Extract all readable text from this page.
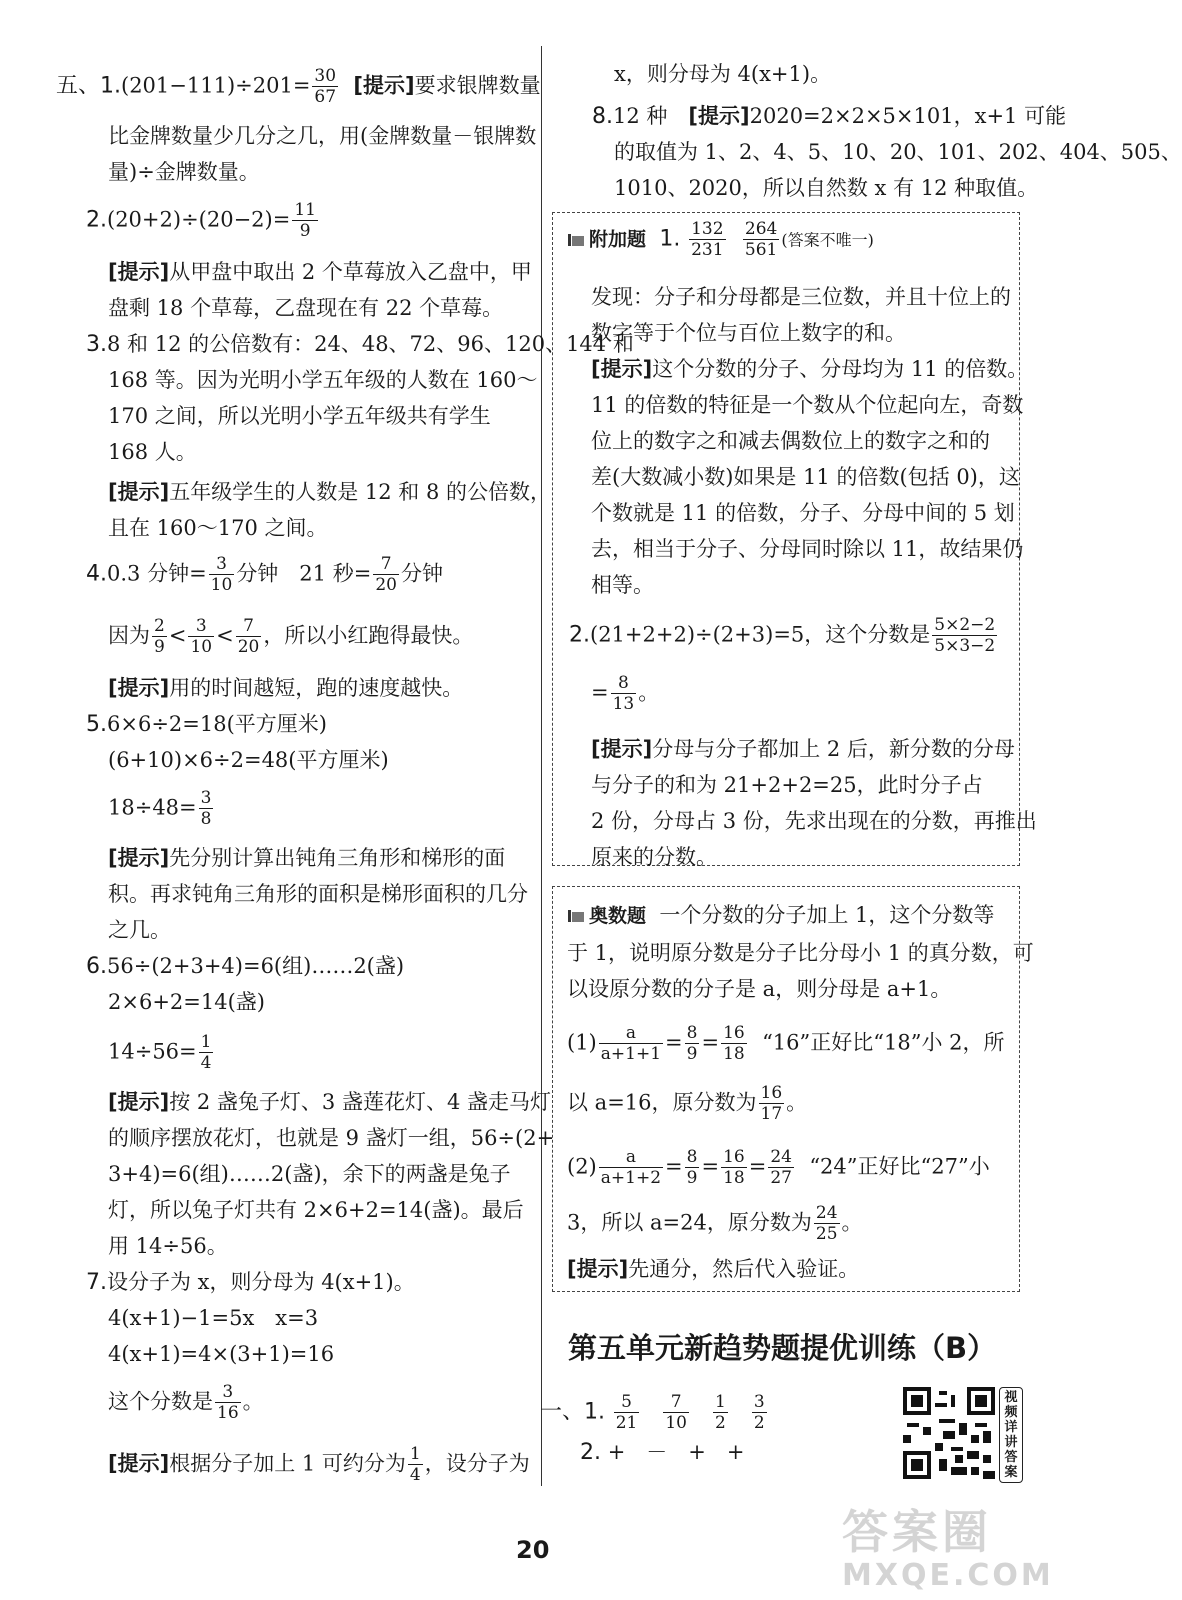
五、$1.(201-111)\div 201= \frac{30}{67}$ [提示]要求银牌数量
比金牌数量少几分之几，用(金牌数量－银牌数
量)÷金牌数量。
$2.(20+2)\div(20-2)= \frac{11}{9}$
[提示]从甲盘中取出 2 个草莓放入乙盘中，甲
盘剩 18 个草莓，乙盘现在有 22 个草莓。
3.8 和 12 的公倍数有：24、48、72、96、120、144 和
168 等。因为光明小学五年级的人数在 160～
170 之间，所以光明小学五年级共有学生
168 人。
[提示]五年级学生的人数是 12 和 8 的公倍数，
且在 160～170 之间。
4.0.3 分钟= $\frac{3}{10}$ 分钟　21 秒= $\frac{7}{20}$ 分钟
因为 $\frac{2}{9} < \frac{3}{10} < \frac{7}{20}$ ，所以小红跑得最快。
[提示]用的时间越短，跑的速度越快。
5.6×6÷2=18(平方厘米)
(6+10)×6÷2=48(平方厘米)
$18\div 48= \frac{3}{8}$
[提示]先分别计算出钝角三角形和梯形的面
积。再求钝角三角形的面积是梯形面积的几分
之几。
6.56÷(2+3+4)=6(组)……2(盏)
2×6+2=14(盏)
$14\div 56= \frac{1}{4}$
[提示]按 2 盏兔子灯、3 盏莲花灯、4 盏走马灯
的顺序摆放花灯，也就是 9 盏灯一组，56÷(2+
3+4)=6(组)……2(盏)，余下的两盏是兔子
灯，所以兔子灯共有 2×6+2=14(盏)。最后
用 14÷56。
7.设分子为 x，则分母为 4(x+1)。
4(x+1)−1=5x　x=3
4(x+1)=4×(3+1)=16
这个分数是 $\frac{3}{16}$ 。
[提示]根据分子加上 1 可约分为 $\frac{1}{4}$ ，设分子为
x，则分母为 4(x+1)。
8.12 种　[提示]2020=2×2×5×101，x+1 可能
的取值为 1、2、4、5、10、20、101、202、404、505、
1010、2020，所以自然数 x 有 12 种取值。
附加题 1. $\frac{132}{231}$
$\frac{264}{561}$ (答案不唯一)
发现：分子和分母都是三位数，并且十位上的
数字等于个位与百位上数字的和。
[提示]这个分数的分子、分母均为 11 的倍数。
11 的倍数的特征是一个数从个位起向左，奇数
位上的数字之和减去偶数位上的数字之和的
差(大数减小数)如果是 11 的倍数(包括 0)，这
个数就是 11 的倍数，分子、分母中间的 5 划
去，相当于分子、分母同时除以 11，故结果仍
相等。
2.(21+2+2)÷(2+3)=5，这个分数是 $\frac{5\times 2-2}{5\times 3-2}$
= $\frac{8}{13}$ 。
[提示]分母与分子都加上 2 后，新分数的分母
与分子的和为 21+2+2=25，此时分子占
2 份，分母占 3 份，先求出现在的分数，再推出
原来的分数。
奥数题 一个分数的分子加上 1，这个分数等
于 1，说明原分数是分子比分母小 1 的真分数，可
以设原分数的分子是 a，则分母是 a+1。
$(1) \frac{a}{a+1+1} = \frac{8}{9} = \frac{16}{18}$ “16”正好比“18”小 2，所
以 a=16，原分数为 $\frac{16}{17}$ 。
$(2) \frac{a}{a+1+2} = \frac{8}{9} = \frac{16}{18} = \frac{24}{27}$ “24”正好比“27”小
3，所以 a=24，原分数为 $\frac{24}{25}$ 。
[提示]先通分，然后代入验证。
第五单元新趋势题提优训练（B）
一、1. $\frac{5}{21}$
$\frac{7}{10}$
$\frac{1}{2}$
$\frac{3}{2}$
2. +　－　+　+
视频详讲答案
20	答案圈
MXQE.COM
